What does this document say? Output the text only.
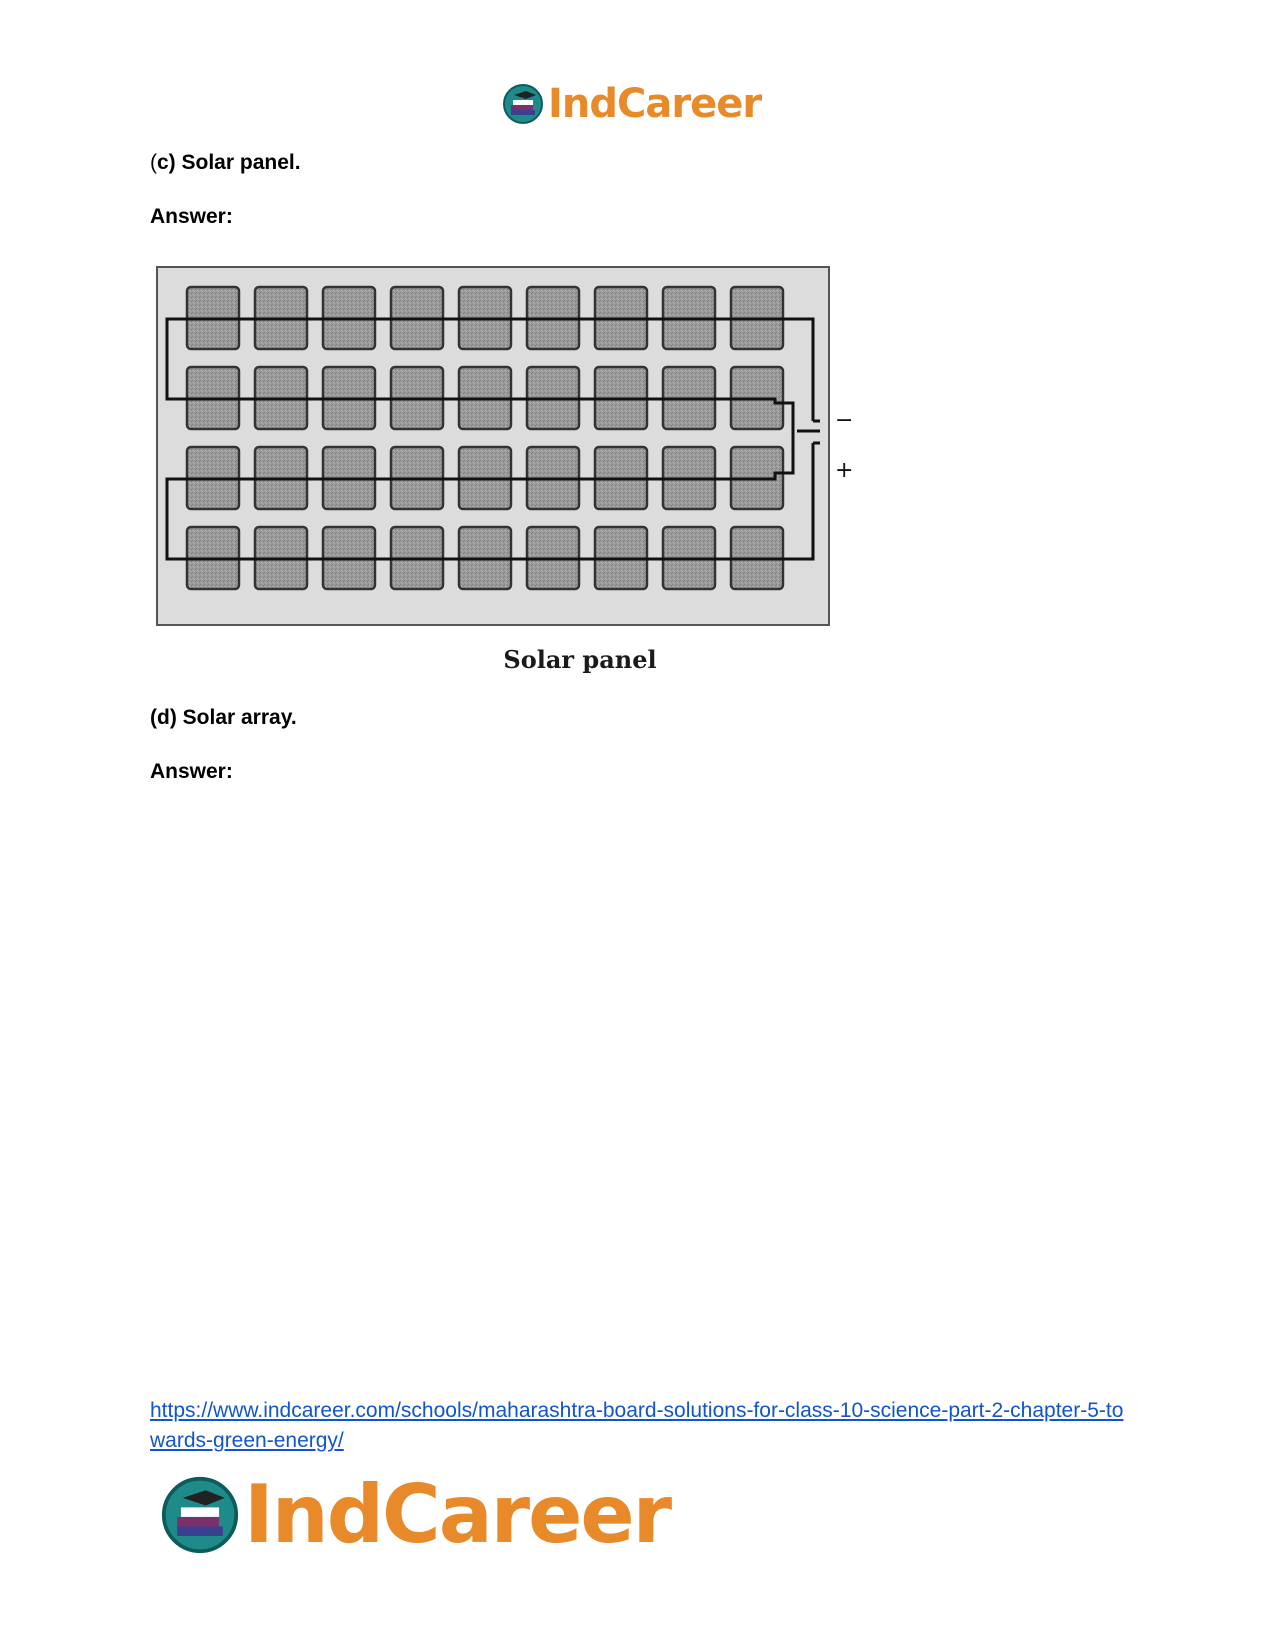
IndCareer
(c) Solar panel.
Answer:
−
+
Solar panel
(d) Solar array.
Answer:
https://www.indcareer.com/schools/maharashtra-board-solutions-for-class-10-science-part-2-chapter-5-towards-green-energy/
IndCareer
